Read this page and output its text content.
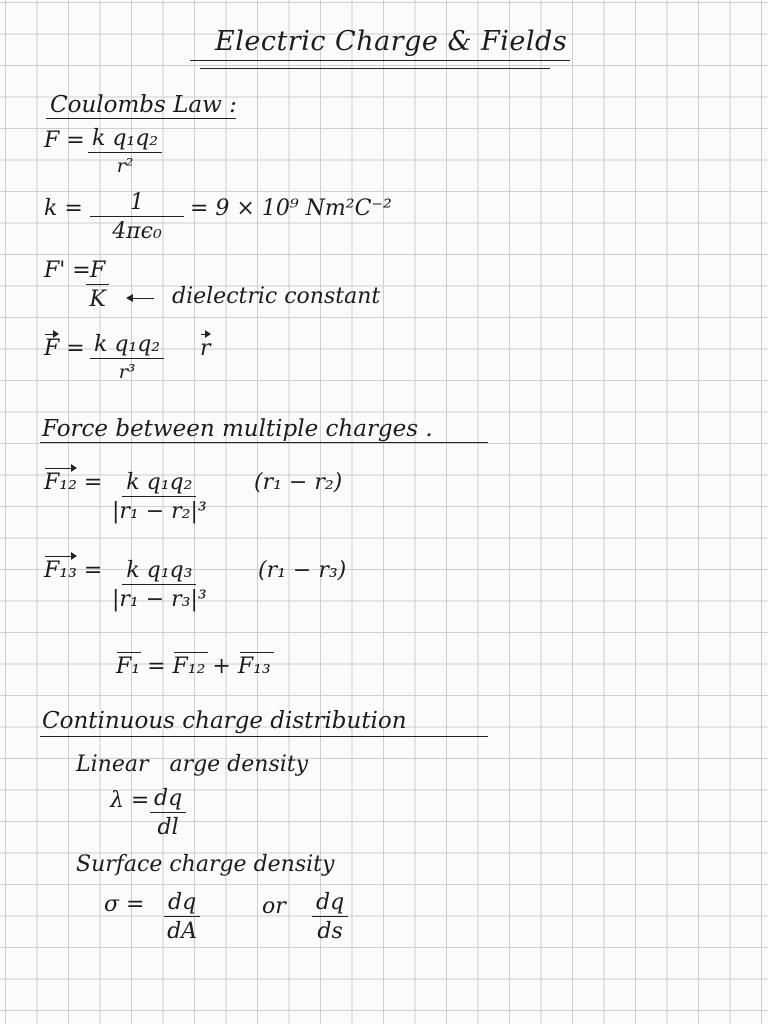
Electric Charge & Fields
Coulombs Law :
$F = \frac{\text{k q₁q₂}}{\text{r²}}$
$k = \frac{1}{\text{4πϵ₀}} = 9 \times 10^9$ Nm²C⁻²
F' =
$\frac{F}{K}$	dielectric constant
$F = \frac{\text{k q₁q₂}}{\text{r³}}$ r
Force between multiple charges .
$F_{12} = \frac{\text{k q₁q₂}}{\text{|r₁ − r₂|³}} (r_1 - r_2)$
$F_{13} = \frac{\text{k q₁q₃}}{\text{|r₁ − r₃|³}} (r_1 - r_3)$
F₁ = F₁₂ + F₁₃
Continuous charge distribution
Linear   arge density
$\lambda = \frac{dq}{dl}$
Surface charge density
$\sigma = \frac{dq}{dA}$	or $\frac{dq}{ds}$
